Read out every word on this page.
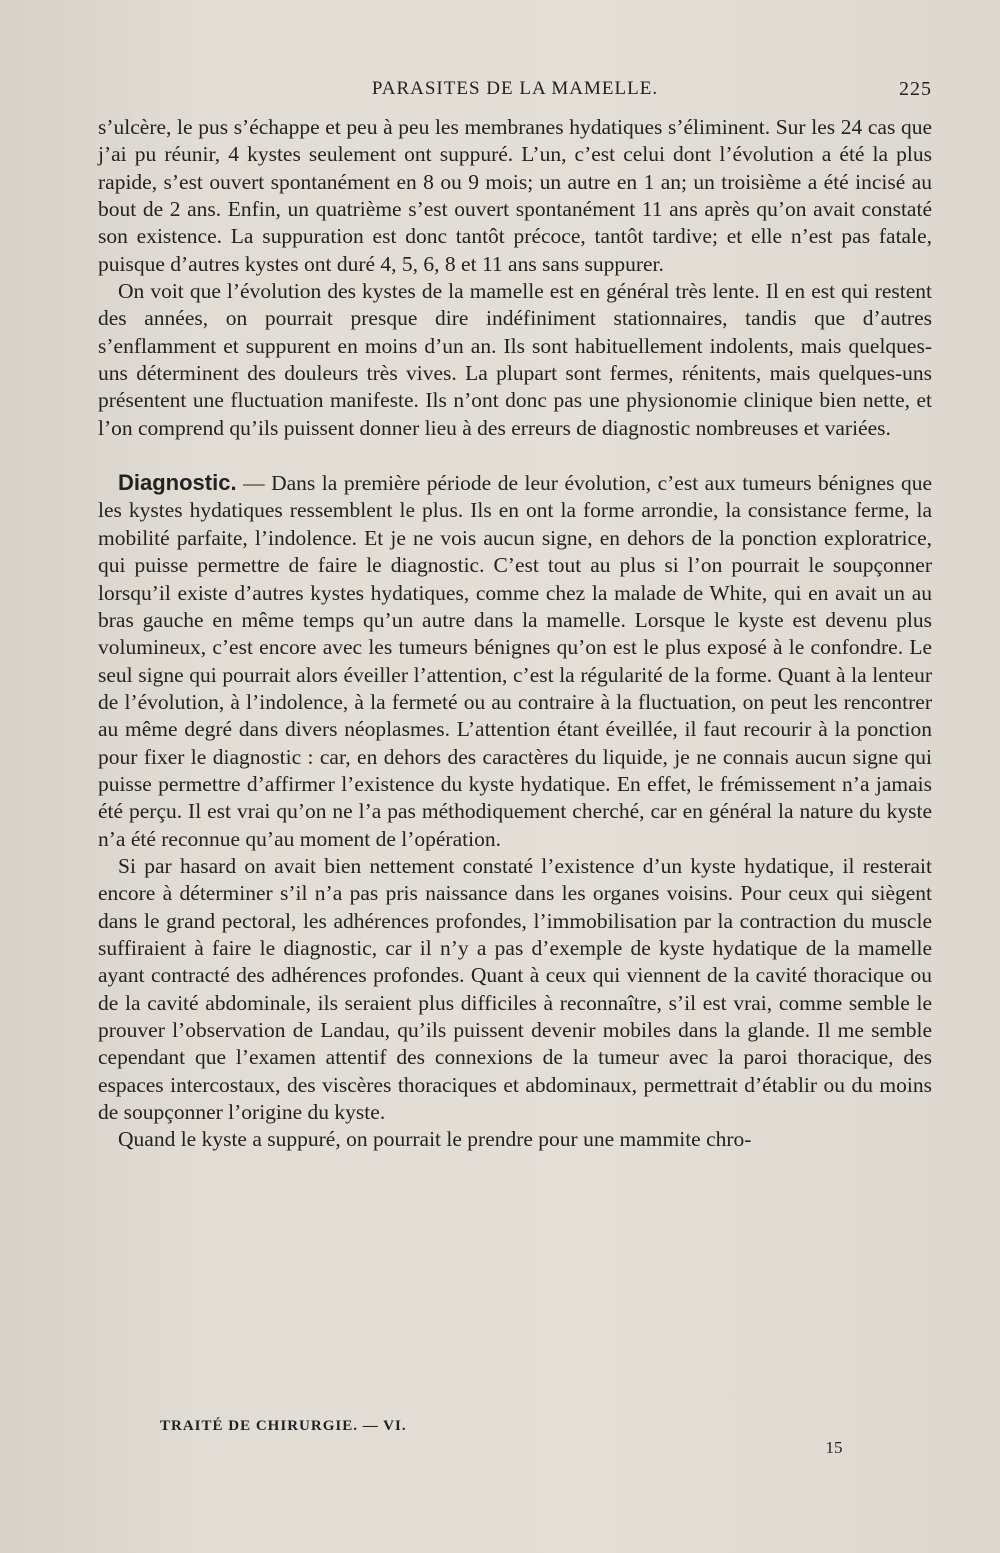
PARASITES DE LA MAMELLE.	225

s’ulcère, le pus s’échappe et peu à peu les membranes hydatiques s’éliminent. Sur les 24 cas que j’ai pu réunir, 4 kystes seulement ont suppuré. L’un, c’est celui dont l’évolution a été la plus rapide, s’est ouvert spontanément en 8 ou 9 mois; un autre en 1 an; un troisième a été incisé au bout de 2 ans. Enfin, un quatrième s’est ouvert spontanément 11 ans après qu’on avait constaté son existence. La suppuration est donc tantôt précoce, tantôt tardive; et elle n’est pas fatale, puisque d’autres kystes ont duré 4, 5, 6, 8 et 11 ans sans suppurer.

On voit que l’évolution des kystes de la mamelle est en général très lente. Il en est qui restent des années, on pourrait presque dire indéfiniment stationnaires, tandis que d’autres s’enflamment et suppurent en moins d’un an. Ils sont habituellement indolents, mais quelques-uns déterminent des douleurs très vives. La plupart sont fermes, rénitents, mais quelques-uns présentent une fluctuation manifeste. Ils n’ont donc pas une physionomie clinique bien nette, et l’on comprend qu’ils puissent donner lieu à des erreurs de diagnostic nombreuses et variées.

Diagnostic. — Dans la première période de leur évolution, c’est aux tumeurs bénignes que les kystes hydatiques ressemblent le plus. Ils en ont la forme arrondie, la consistance ferme, la mobilité parfaite, l’indolence. Et je ne vois aucun signe, en dehors de la ponction exploratrice, qui puisse permettre de faire le diagnostic. C’est tout au plus si l’on pourrait le soupçonner lorsqu’il existe d’autres kystes hydatiques, comme chez la malade de White, qui en avait un au bras gauche en même temps qu’un autre dans la mamelle. Lorsque le kyste est devenu plus volumineux, c’est encore avec les tumeurs bénignes qu’on est le plus exposé à le confondre. Le seul signe qui pourrait alors éveiller l’attention, c’est la régularité de la forme. Quant à la lenteur de l’évolution, à l’indolence, à la fermeté ou au contraire à la fluctuation, on peut les rencontrer au même degré dans divers néoplasmes. L’attention étant éveillée, il faut recourir à la ponction pour fixer le diagnostic : car, en dehors des caractères du liquide, je ne connais aucun signe qui puisse permettre d’affirmer l’existence du kyste hydatique. En effet, le frémissement n’a jamais été perçu. Il est vrai qu’on ne l’a pas méthodiquement cherché, car en général la nature du kyste n’a été reconnue qu’au moment de l’opération.

Si par hasard on avait bien nettement constaté l’existence d’un kyste hydatique, il resterait encore à déterminer s’il n’a pas pris naissance dans les organes voisins. Pour ceux qui siègent dans le grand pectoral, les adhérences profondes, l’immobilisation par la contraction du muscle suffiraient à faire le diagnostic, car il n’y a pas d’exemple de kyste hydatique de la mamelle ayant contracté des adhérences profondes. Quant à ceux qui viennent de la cavité thoracique ou de la cavité abdominale, ils seraient plus difficiles à reconnaître, s’il est vrai, comme semble le prouver l’observation de Landau, qu’ils puissent devenir mobiles dans la glande. Il me semble cependant que l’examen attentif des connexions de la tumeur avec la paroi thoracique, des espaces intercostaux, des viscères thoraciques et abdominaux, permettrait d’établir ou du moins de soupçonner l’origine du kyste.

Quand le kyste a suppuré, on pourrait le prendre pour une mammite chro-

TRAITÉ DE CHIRURGIE. — VI.
15
